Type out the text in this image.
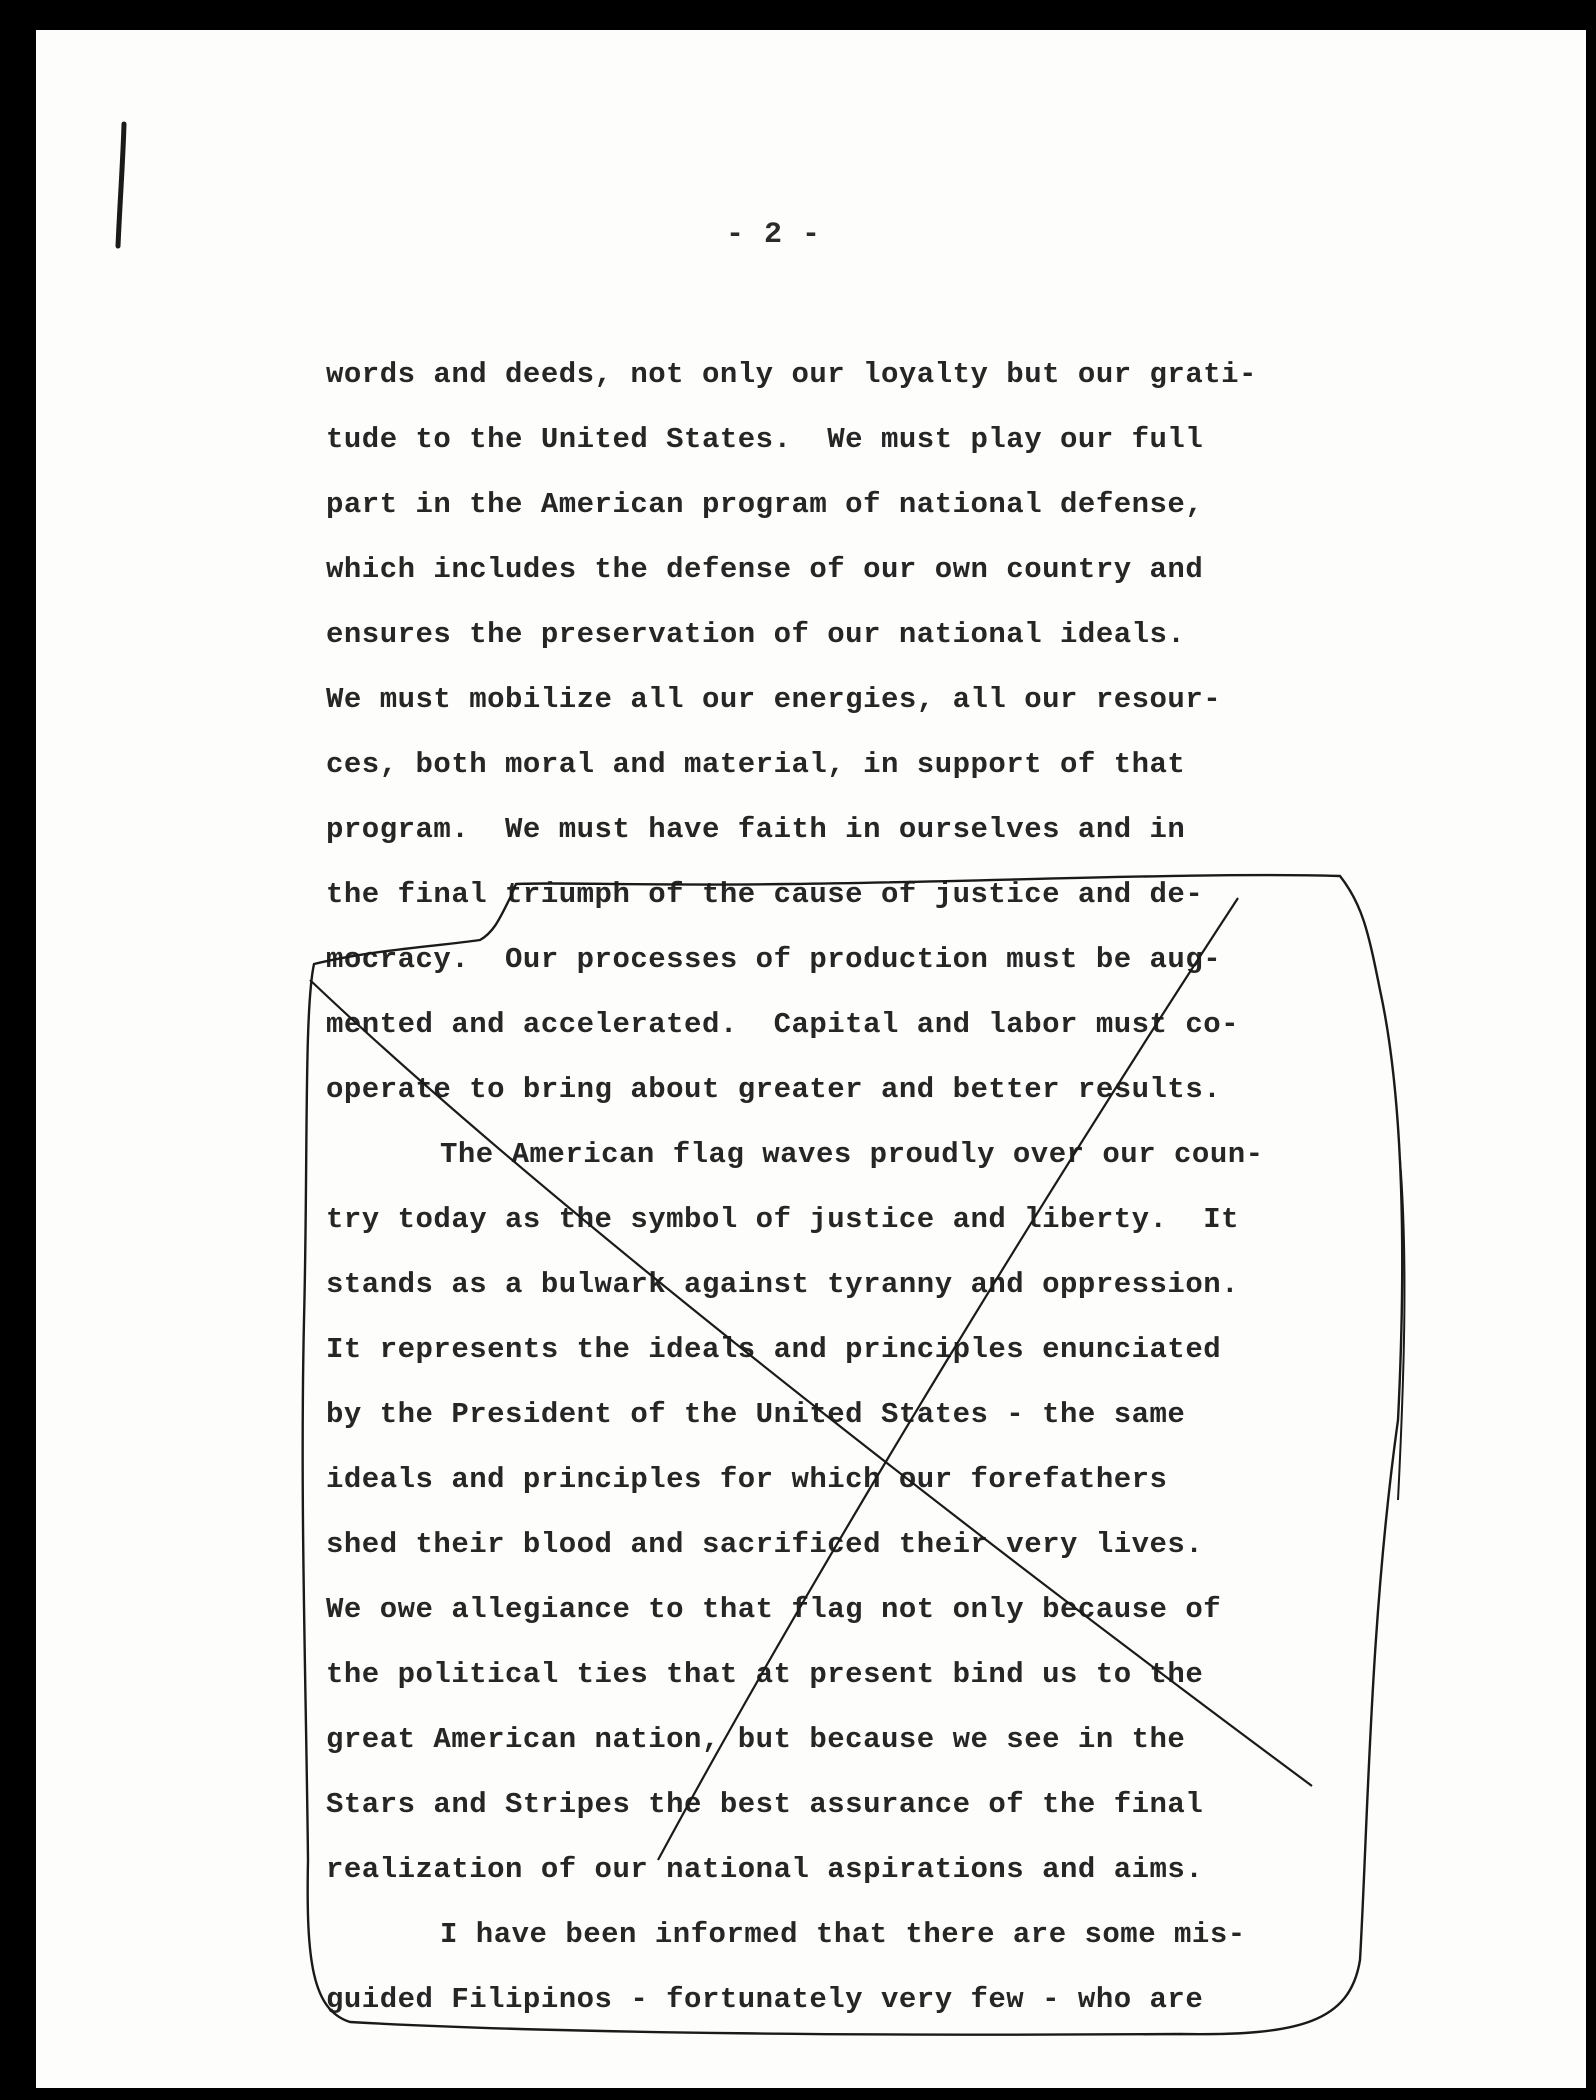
- 2 -
words and deeds, not only our loyalty but our grati-
tude to the United States.  We must play our full
part in the American program of national defense,
which includes the defense of our own country and
ensures the preservation of our national ideals.
We must mobilize all our energies, all our resour-
ces, both moral and material, in support of that
program.  We must have faith in ourselves and in
the final triumph of the cause of justice and de-
mocracy.  Our processes of production must be aug-
mented and accelerated.  Capital and labor must co-
operate to bring about greater and better results.
The American flag waves proudly over our coun-
try today as the symbol of justice and liberty.  It
stands as a bulwark against tyranny and oppression.
It represents the ideals and principles enunciated
by the President of the United States - the same
ideals and principles for which our forefathers
shed their blood and sacrificed their very lives.
We owe allegiance to that flag not only because of
the political ties that at present bind us to the
great American nation, but because we see in the
Stars and Stripes the best assurance of the final
realization of our national aspirations and aims.
I have been informed that there are some mis-
guided Filipinos - fortunately very few - who are
